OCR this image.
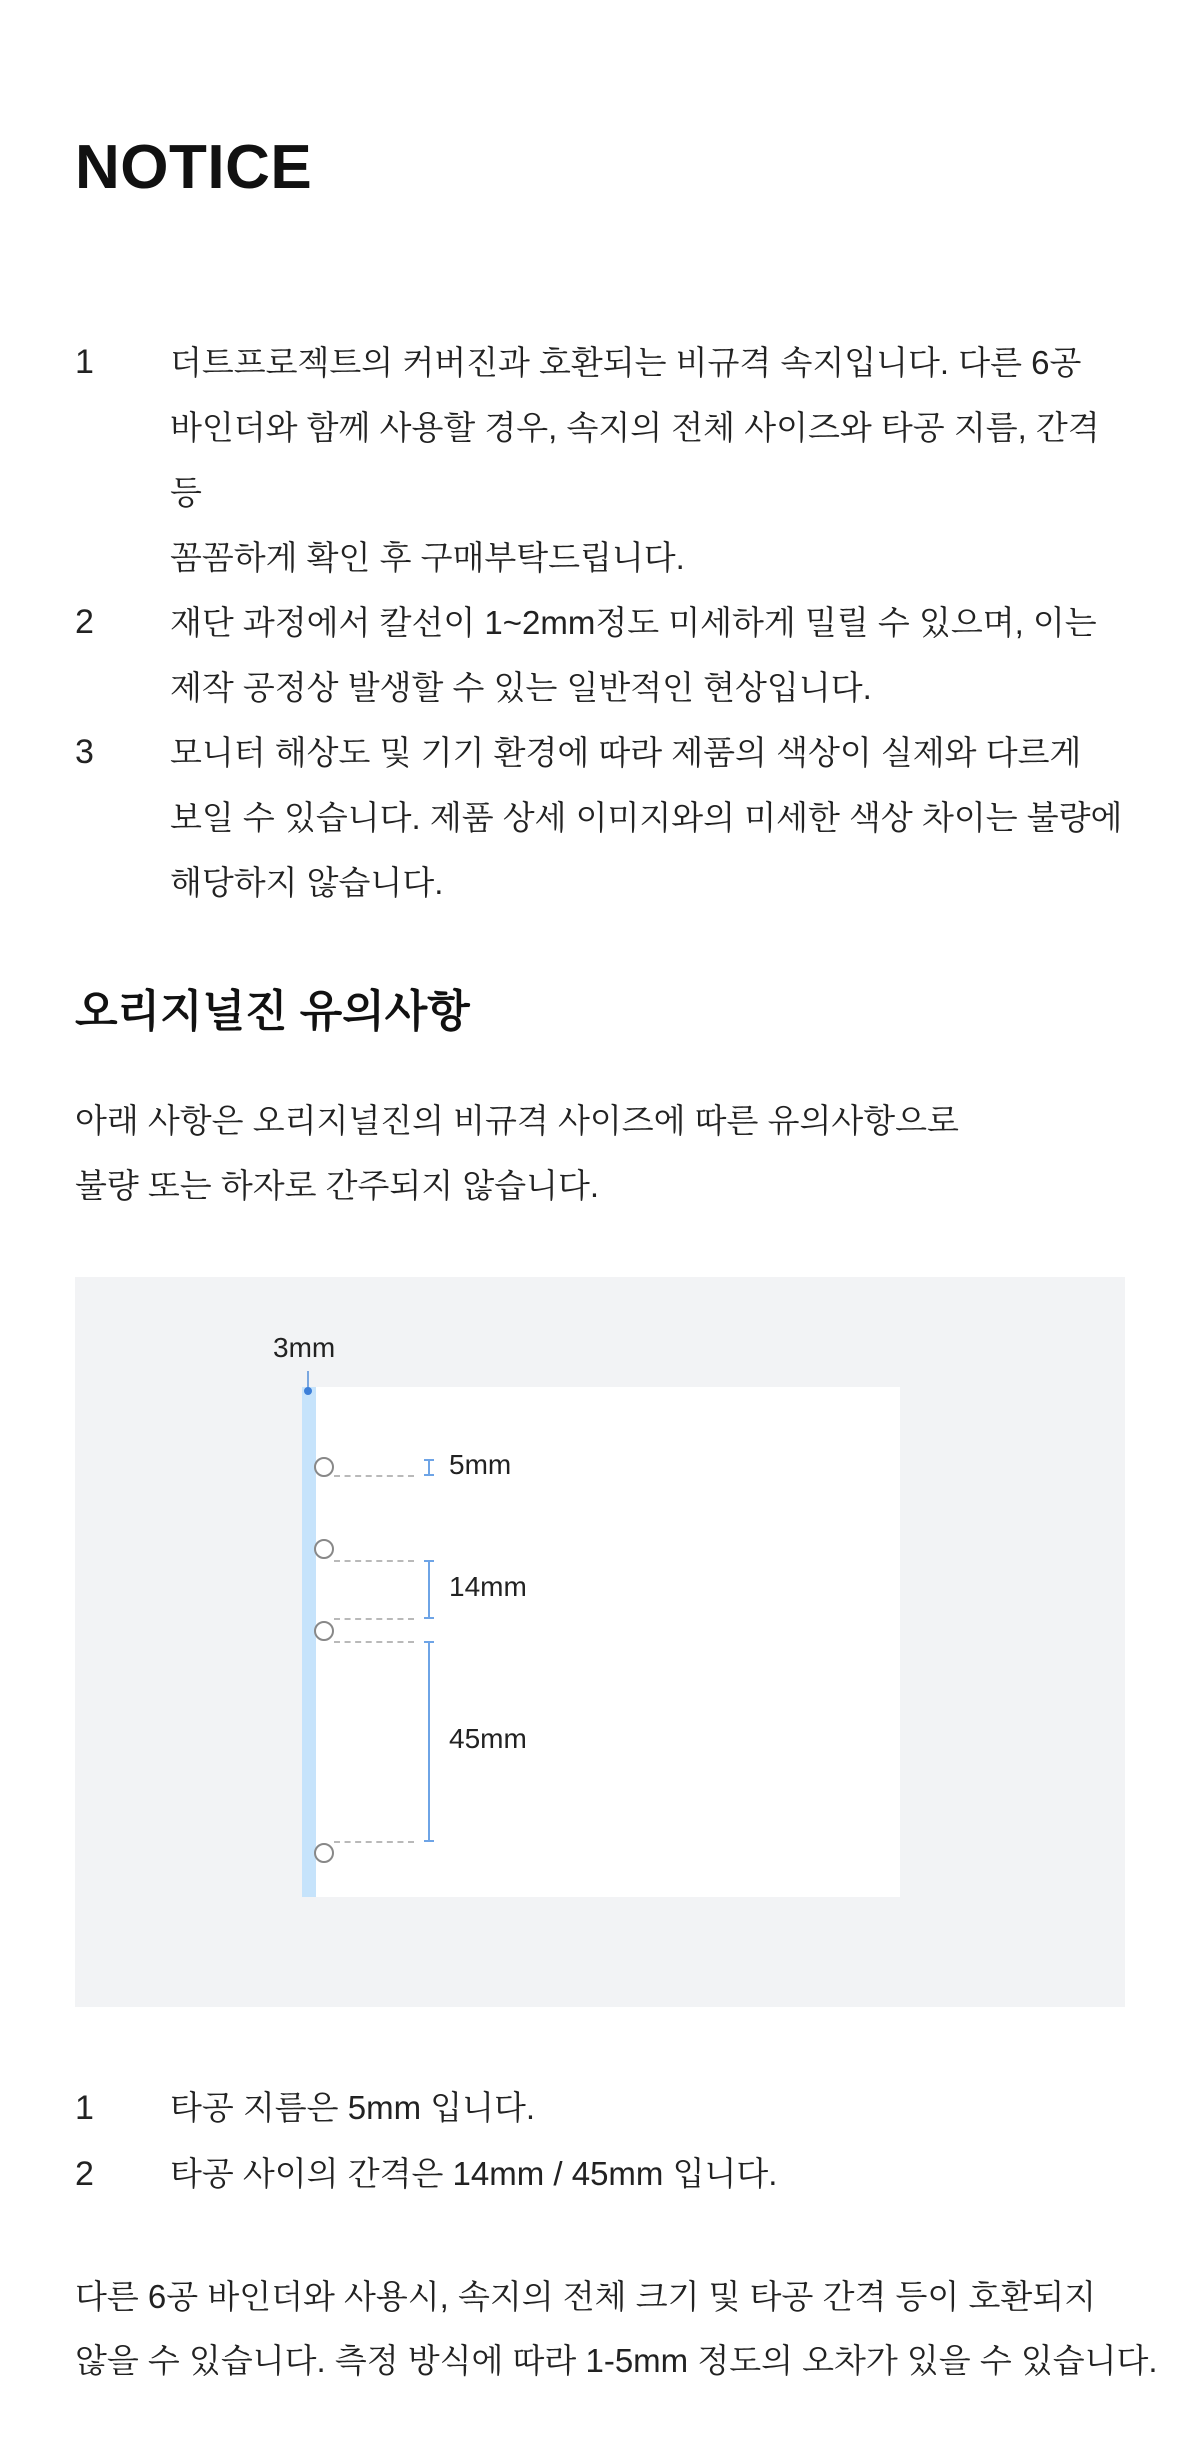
NOTICE
1 더트프로젝트의 커버진과 호환되는 비규격 속지입니다. 다른 6공
바인더와 함께 사용할 경우, 속지의 전체 사이즈와 타공 지름, 간격 등
꼼꼼하게 확인 후 구매부탁드립니다.
2 재단 과정에서 칼선이 1~2mm정도 미세하게 밀릴 수 있으며, 이는
제작 공정상 발생할 수 있는 일반적인 현상입니다.
3 모니터 해상도 및 기기 환경에 따라 제품의 색상이 실제와 다르게
보일 수 있습니다. 제품 상세 이미지와의 미세한 색상 차이는 불량에
해당하지 않습니다.
오리지널진 유의사항
아래 사항은 오리지널진의 비규격 사이즈에 따른 유의사항으로
불량 또는 하자로 간주되지 않습니다.
3mm
5mm
14mm
45mm
1 타공 지름은 5mm 입니다.
2 타공 사이의 간격은 14mm / 45mm 입니다.
다른 6공 바인더와 사용시, 속지의 전체 크기 및 타공 간격 등이 호환되지
않을 수 있습니다. 측정 방식에 따라 1-5mm 정도의 오차가 있을 수 있습니다.
